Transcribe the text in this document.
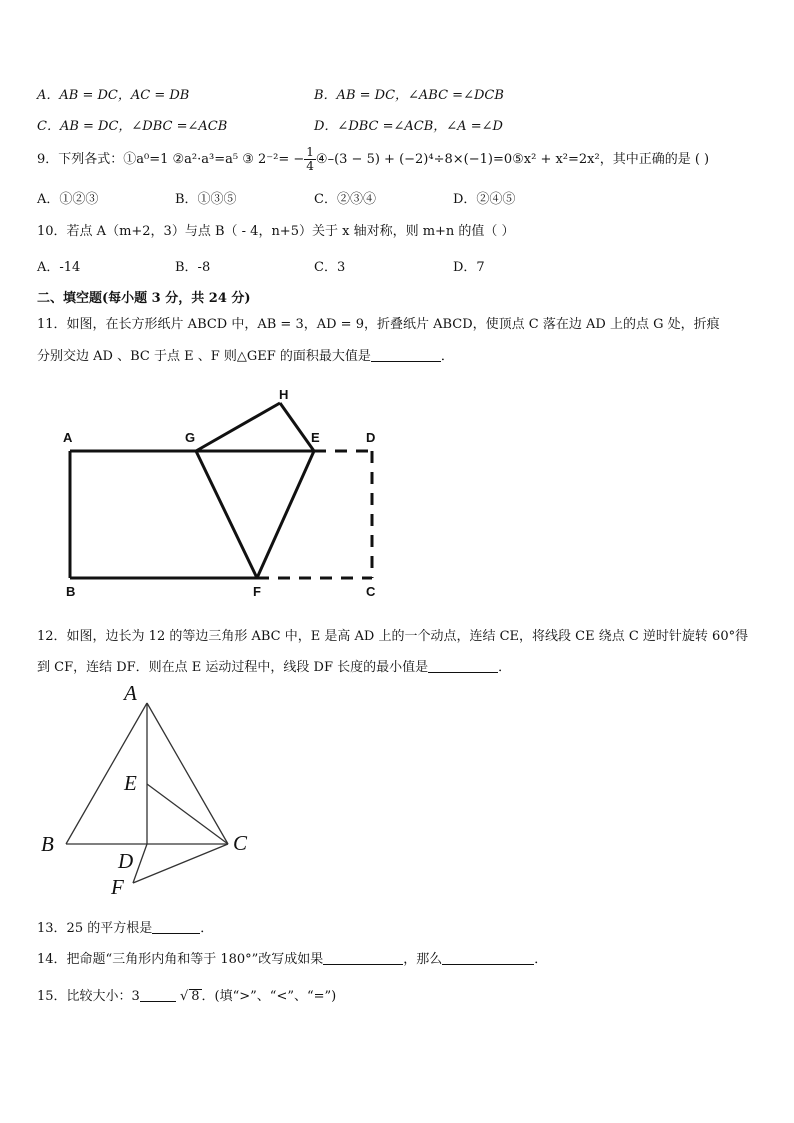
A．AB = DC，AC = DB	B．AB = DC，∠ABC =∠DCB
C．AB = DC，∠DBC =∠ACB	D．∠DBC =∠ACB，∠A =∠D
9．下列各式：①a⁰=1 ②a²·a³=a⁵ ③ $2^{-2}= - \frac{1}{4}$ ④–(3 − 5) + (−2)⁴÷8×(−1)=0⑤x² + x²=2x²，其中正确的是 ( )
A．①②③	B．①③⑤	C．②③④	D．②④⑤
10．若点 A（m+2，3）与点 B（ - 4，n+5）关于 x 轴对称，则 m+n 的值（ ）
A．-14	B．-8	C．3	D．7
二、填空题(每小题 3 分，共 24 分)
11．如图，在长方形纸片 ABCD 中，AB = 3，AD = 9，折叠纸片 ABCD，使顶点 C 落在边 AD 上的点 G 处，折痕
分别交边 AD 、BC 于点 E 、F 则△GEF 的面积最大值是	．
A	G
H
E	D
B	F	C
12．如图，边长为 12 的等边三角形 ABC 中，E 是高 AD 上的一个动点，连结 CE，将线段 CE 绕点 C 逆时针旋转 60°得
到 CF，连结 DF．则在点 E 运动过程中，线段 DF 长度的最小值是	．
A
E
B	C
D
F
13．25 的平方根是	．
14．把命题“三角形内角和等于 180°”改写成如果	，那么	．
15．比较大小：3	√ 8 ．(填“>”、“<”、“=”)
